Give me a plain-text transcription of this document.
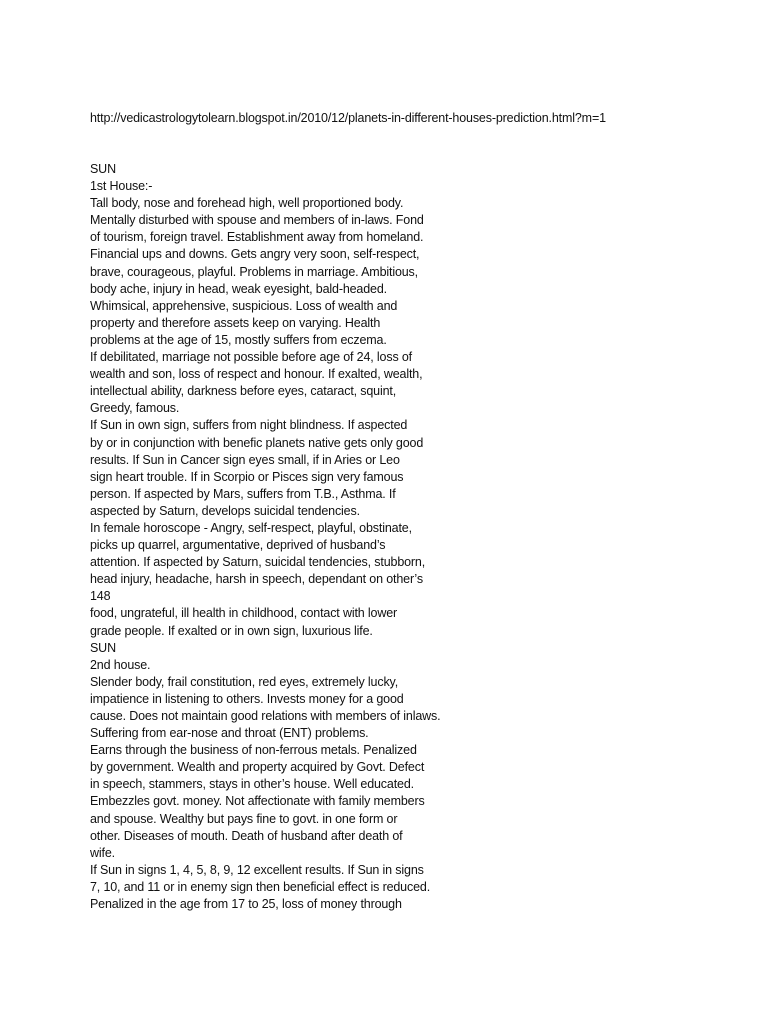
http://vedicastrologytolearn.blogspot.in/2010/12/planets-in-different-houses-prediction.html?m=1
SUN
1st House:-
Tall body, nose and forehead high, well proportioned body.
Mentally disturbed with spouse and members of in-laws. Fond
of tourism, foreign travel. Establishment away from homeland.
Financial ups and downs. Gets angry very soon, self-respect,
brave, courageous, playful. Problems in marriage. Ambitious,
body ache, injury in head, weak eyesight, bald-headed.
Whimsical, apprehensive, suspicious. Loss of wealth and
property and therefore assets keep on varying. Health
problems at the age of 15, mostly suffers from eczema.
If debilitated, marriage not possible before age of 24, loss of
wealth and son, loss of respect and honour. If exalted, wealth,
intellectual ability, darkness before eyes, cataract, squint,
Greedy, famous.
If Sun in own sign, suffers from night blindness. If aspected
by or in conjunction with benefic planets native gets only good
results. If Sun in Cancer sign eyes small, if in Aries or Leo
sign heart trouble. If in Scorpio or Pisces sign very famous
person. If aspected by Mars, suffers from T.B., Asthma. If
aspected by Saturn, develops suicidal tendencies.
In female horoscope - Angry, self-respect, playful, obstinate,
picks up quarrel, argumentative, deprived of husband’s
attention. If aspected by Saturn, suicidal tendencies, stubborn,
head injury, headache, harsh in speech, dependant on other’s
148
food, ungrateful, ill health in childhood, contact with lower
grade people. If exalted or in own sign, luxurious life.
SUN
2nd house.
Slender body, frail constitution, red eyes, extremely lucky,
impatience in listening to others. Invests money for a good
cause. Does not maintain good relations with members of inlaws.
Suffering from ear-nose and throat (ENT) problems.
Earns through the business of non-ferrous metals. Penalized
by government. Wealth and property acquired by Govt. Defect
in speech, stammers, stays in other’s house. Well educated.
Embezzles govt. money. Not affectionate with family members
and spouse. Wealthy but pays fine to govt. in one form or
other. Diseases of mouth. Death of husband after death of
wife.
If Sun in signs 1, 4, 5, 8, 9, 12 excellent results. If Sun in signs
7, 10, and 11 or in enemy sign then beneficial effect is reduced.
Penalized in the age from 17 to 25, loss of money through
